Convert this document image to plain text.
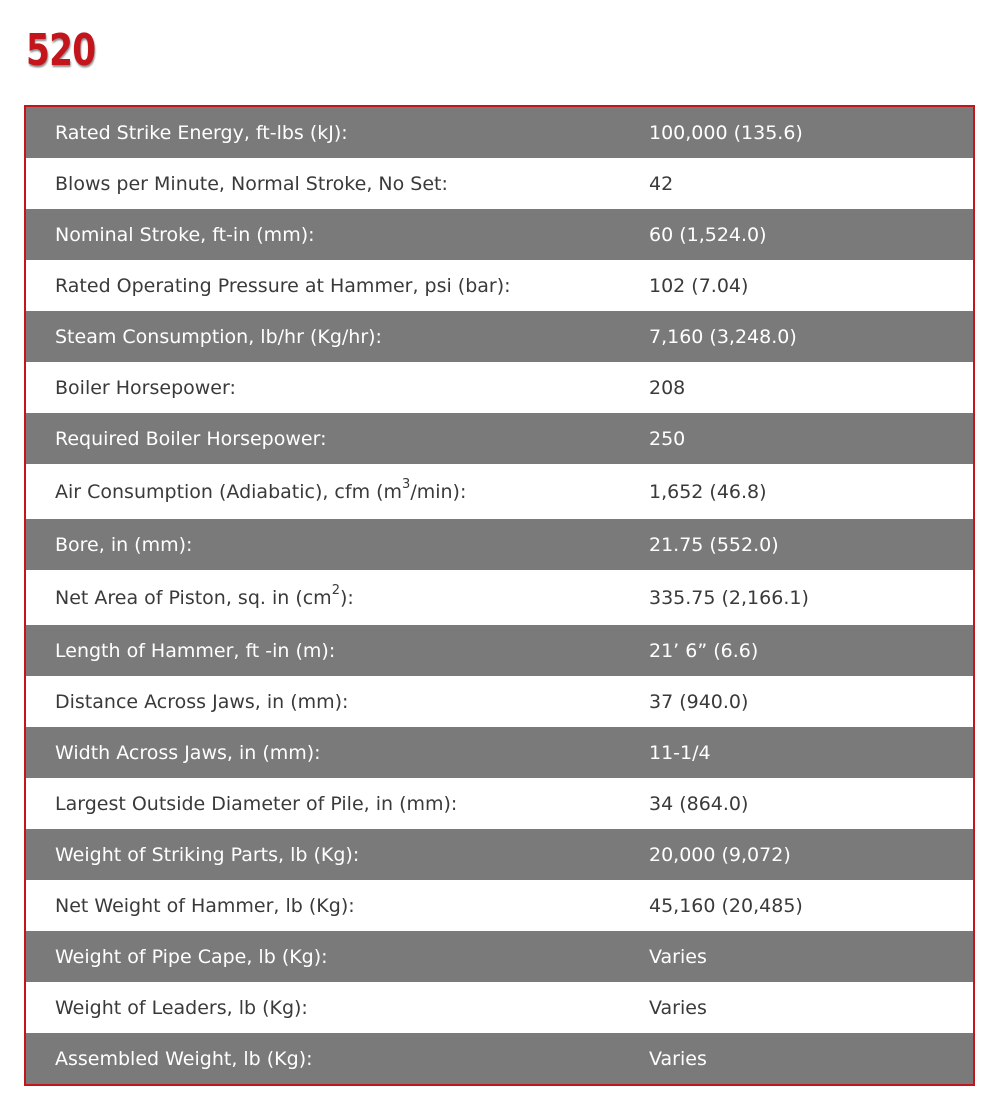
520
Rated Strike Energy, ft-lbs (kJ):	100,000 (135.6)
Blows per Minute, Normal Stroke, No Set:	42
Nominal Stroke, ft-in (mm):	60 (1,524.0)
Rated Operating Pressure at Hammer, psi (bar):	102 (7.04)
Steam Consumption, lb/hr (Kg/hr):	7,160 (3,248.0)
Boiler Horsepower:	208
Required Boiler Horsepower:	250
Air Consumption (Adiabatic), cfm $(m^3/\min)$:	1,652 (46.8)
Bore, in (mm):	21.75 (552.0)
Net Area of Piston, sq. in $(cm^2)$:	335.75 (2,166.1)
Length of Hammer, ft -in (m):	21’ 6” (6.6)
Distance Across Jaws, in (mm):	37 (940.0)
Width Across Jaws, in (mm):	11-1/4
Largest Outside Diameter of Pile, in (mm):	34 (864.0)
Weight of Striking Parts, lb (Kg):	20,000 (9,072)
Net Weight of Hammer, lb (Kg):	45,160 (20,485)
Weight of Pipe Cape, lb (Kg):	Varies
Weight of Leaders, lb (Kg):	Varies
Assembled Weight, lb (Kg):	Varies
